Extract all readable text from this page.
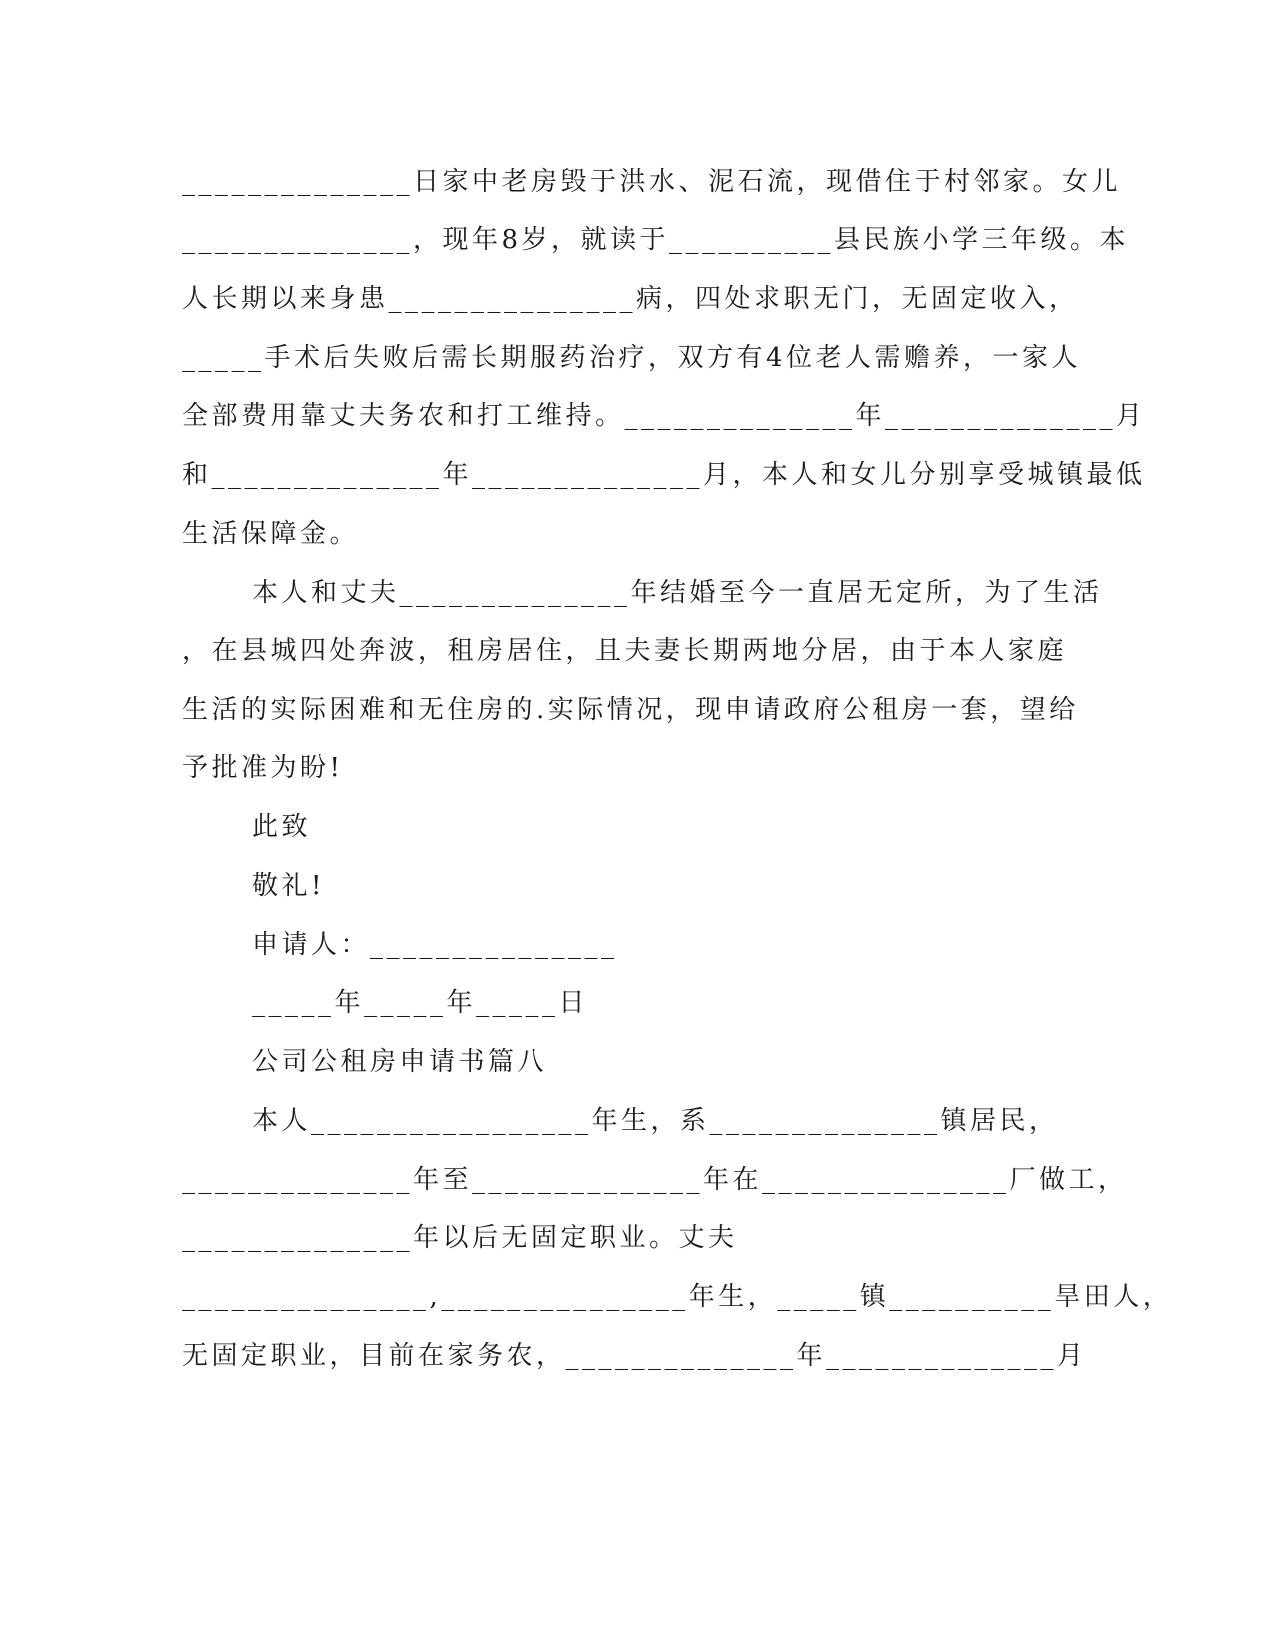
______________日家中老房毁于洪水、泥石流，现借住于村邻家。女儿
______________，现年8岁，就读于__________县民族小学三年级。本
人长期以来身患_______________病，四处求职无门，无固定收入，
_____手术后失败后需长期服药治疗，双方有4位老人需赡养，一家人
全部费用靠丈夫务农和打工维持。______________年______________月
和______________年______________月，本人和女儿分别享受城镇最低
生活保障金。
本人和丈夫______________年结婚至今一直居无定所，为了生活
，在县城四处奔波，租房居住，且夫妻长期两地分居，由于本人家庭
生活的实际困难和无住房的.实际情况，现申请政府公租房一套，望给
予批准为盼!
此致
敬礼!
申请人：_______________
_____年_____年_____日
公司公租房申请书篇八
本人_________________年生，系______________镇居民，
______________年至______________年在_______________厂做工，
______________年以后无固定职业。丈夫
_______________,_______________年生，_____镇__________旱田人，
无固定职业，目前在家务农，______________年______________月
